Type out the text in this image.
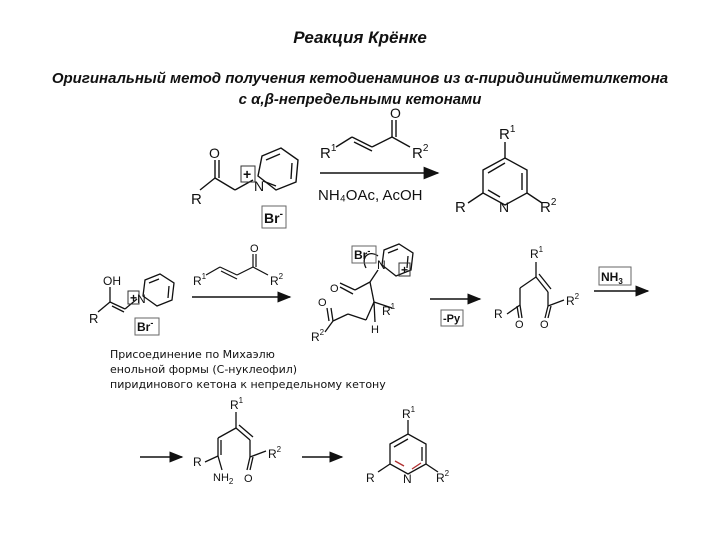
Реакция Крёнке
Оригинальный метод получения кетодиенаминов из α-пиридинийметилкетона
с α,β-непредельными кетонами
+
O
R
N
Br-
O
$R^1$	$R^2$
NH₄OAc, AcOH
$R^1$
R N $R^2$
OH
R
N
+
Br-
O
$R^1$	$R^2$
O
O
N +
Br-
$R^1$
H
$R^2$
-Py
$R^1$
R
O O
$R^2$
$NH_3$
$R^1$
R
$NH_2$ O
$R^2$
$R^1$
R N $R^2$
Присоединение по Михаэлю
енольной формы (С-нуклеофил)
пиридинового кетона к непредельному кетону
